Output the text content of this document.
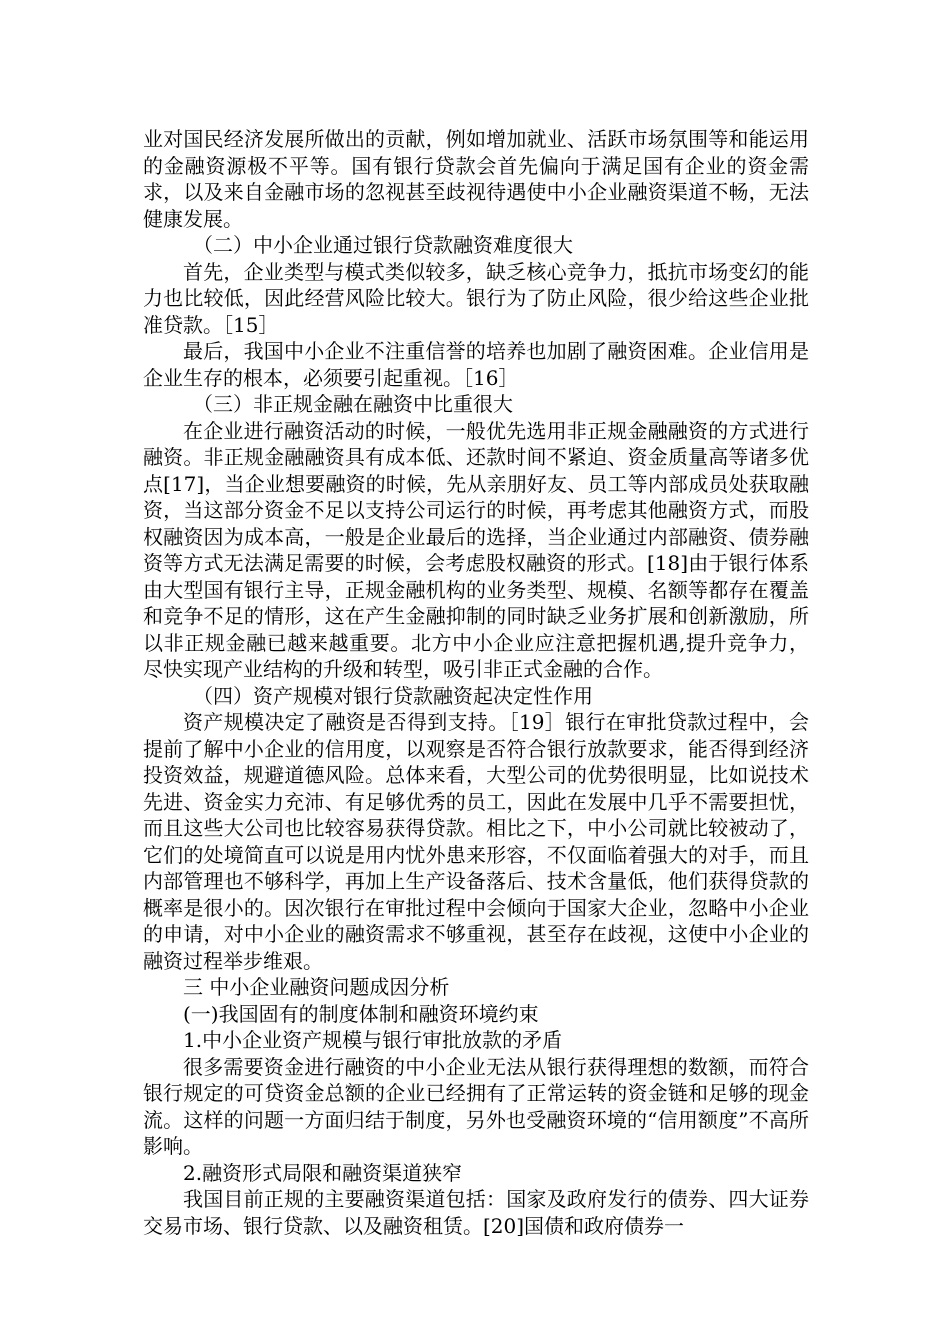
业对国民经济发展所做出的贡献，例如增加就业、活跃市场氛围等和能运用的金融资源极不平等。国有银行贷款会首先偏向于满足国有企业的资金需求，以及来自金融市场的忽视甚至歧视待遇使中小企业融资渠道不畅，无法健康发展。

（二）中小企业通过银行贷款融资难度很大

首先，企业类型与模式类似较多，缺乏核心竞争力，抵抗市场变幻的能力也比较低，因此经营风险比较大。银行为了防止风险，很少给这些企业批准贷款。［15］

最后，我国中小企业不注重信誉的培养也加剧了融资困难。企业信用是企业生存的根本，必须要引起重视。［16］

（三）非正规金融在融资中比重很大

在企业进行融资活动的时候，一般优先选用非正规金融融资的方式进行融资。非正规金融融资具有成本低、还款时间不紧迫、资金质量高等诸多优点[17]，当企业想要融资的时候，先从亲朋好友、员工等内部成员处获取融资，当这部分资金不足以支持公司运行的时候，再考虑其他融资方式，而股权融资因为成本高，一般是企业最后的选择，当企业通过内部融资、债券融资等方式无法满足需要的时候，会考虑股权融资的形式。[18]由于银行体系由大型国有银行主导，正规金融机构的业务类型、规模、名额等都存在覆盖和竞争不足的情形，这在产生金融抑制的同时缺乏业务扩展和创新激励，所以非正规金融已越来越重要。北方中小企业应注意把握机遇,提升竞争力，尽快实现产业结构的升级和转型，吸引非正式金融的合作。

（四）资产规模对银行贷款融资起决定性作用

资产规模决定了融资是否得到支持。［19］银行在审批贷款过程中，会提前了解中小企业的信用度，以观察是否符合银行放款要求，能否得到经济投资效益，规避道德风险。总体来看，大型公司的优势很明显，比如说技术先进、资金实力充沛、有足够优秀的员工，因此在发展中几乎不需要担忧，而且这些大公司也比较容易获得贷款。相比之下，中小公司就比较被动了，它们的处境简直可以说是用内忧外患来形容，不仅面临着强大的对手，而且内部管理也不够科学，再加上生产设备落后、技术含量低，他们获得贷款的概率是很小的。因次银行在审批过程中会倾向于国家大企业，忽略中小企业的申请，对中小企业的融资需求不够重视，甚至存在歧视，这使中小企业的融资过程举步维艰。

三 中小企业融资问题成因分析

(一)我国固有的制度体制和融资环境约束

1.中小企业资产规模与银行审批放款的矛盾

很多需要资金进行融资的中小企业无法从银行获得理想的数额，而符合银行规定的可贷资金总额的企业已经拥有了正常运转的资金链和足够的现金流。这样的问题一方面归结于制度，另外也受融资环境的“信用额度”不高所影响。

2.融资形式局限和融资渠道狭窄

我国目前正规的主要融资渠道包括：国家及政府发行的债券、四大证券交易市场、银行贷款、以及融资租赁。[20]国债和政府债券一
